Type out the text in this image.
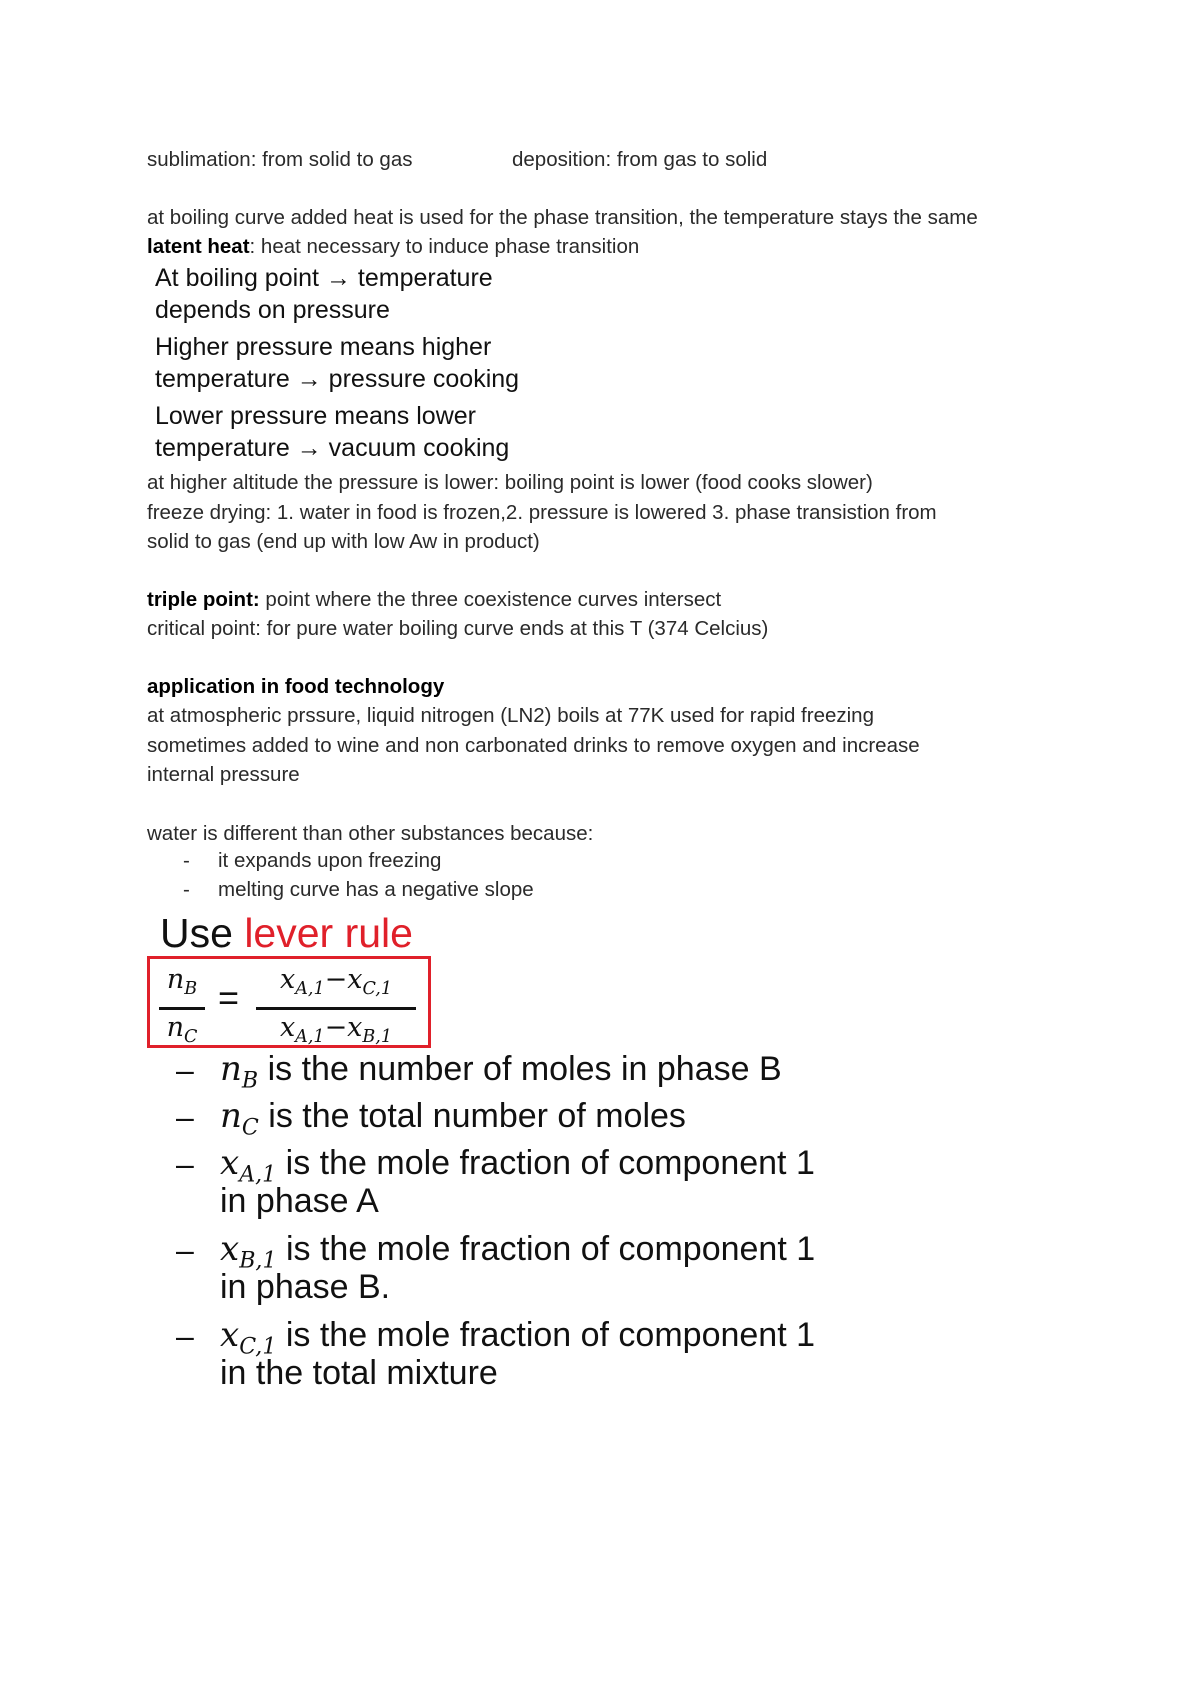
sublimation: from solid to gas	deposition: from gas to solid
at boiling curve added heat is used for the phase transition, the temperature stays the same
latent heat: heat necessary to induce phase transition
At boiling point → temperature
depends on pressure
Higher pressure means higher
temperature → pressure cooking
Lower pressure means lower
temperature → vacuum cooking
at higher altitude the pressure is lower: boiling point is lower (food cooks slower)
freeze drying: 1. water in food is frozen,2. pressure is lowered 3. phase transistion from
solid to gas (end up with low Aw in product)
triple point: point where the three coexistence curves intersect
critical point: for pure water boiling curve ends at this T (374 Celcius)
application in food technology
at atmospheric prssure, liquid nitrogen (LN2) boils at 77K used for rapid freezing
sometimes added to wine and non carbonated drinks to remove oxygen and increase
internal pressure
water is different than other substances because:
- it expands upon freezing
- melting curve has a negative slope
Use lever rule
$n_B$
$n_C$
=	$x_{A,1}-x_{C,1}$
$x_{A,1}-x_{B,1}$
– $n_B$ is the number of moles in phase B
– $n_C$ is the total number of moles
– $x_{A,1}$ is the mole fraction of component 1
in phase A
– $x_{B,1}$ is the mole fraction of component 1
in phase B.
– $x_{C,1}$ is the mole fraction of component 1
in the total mixture
